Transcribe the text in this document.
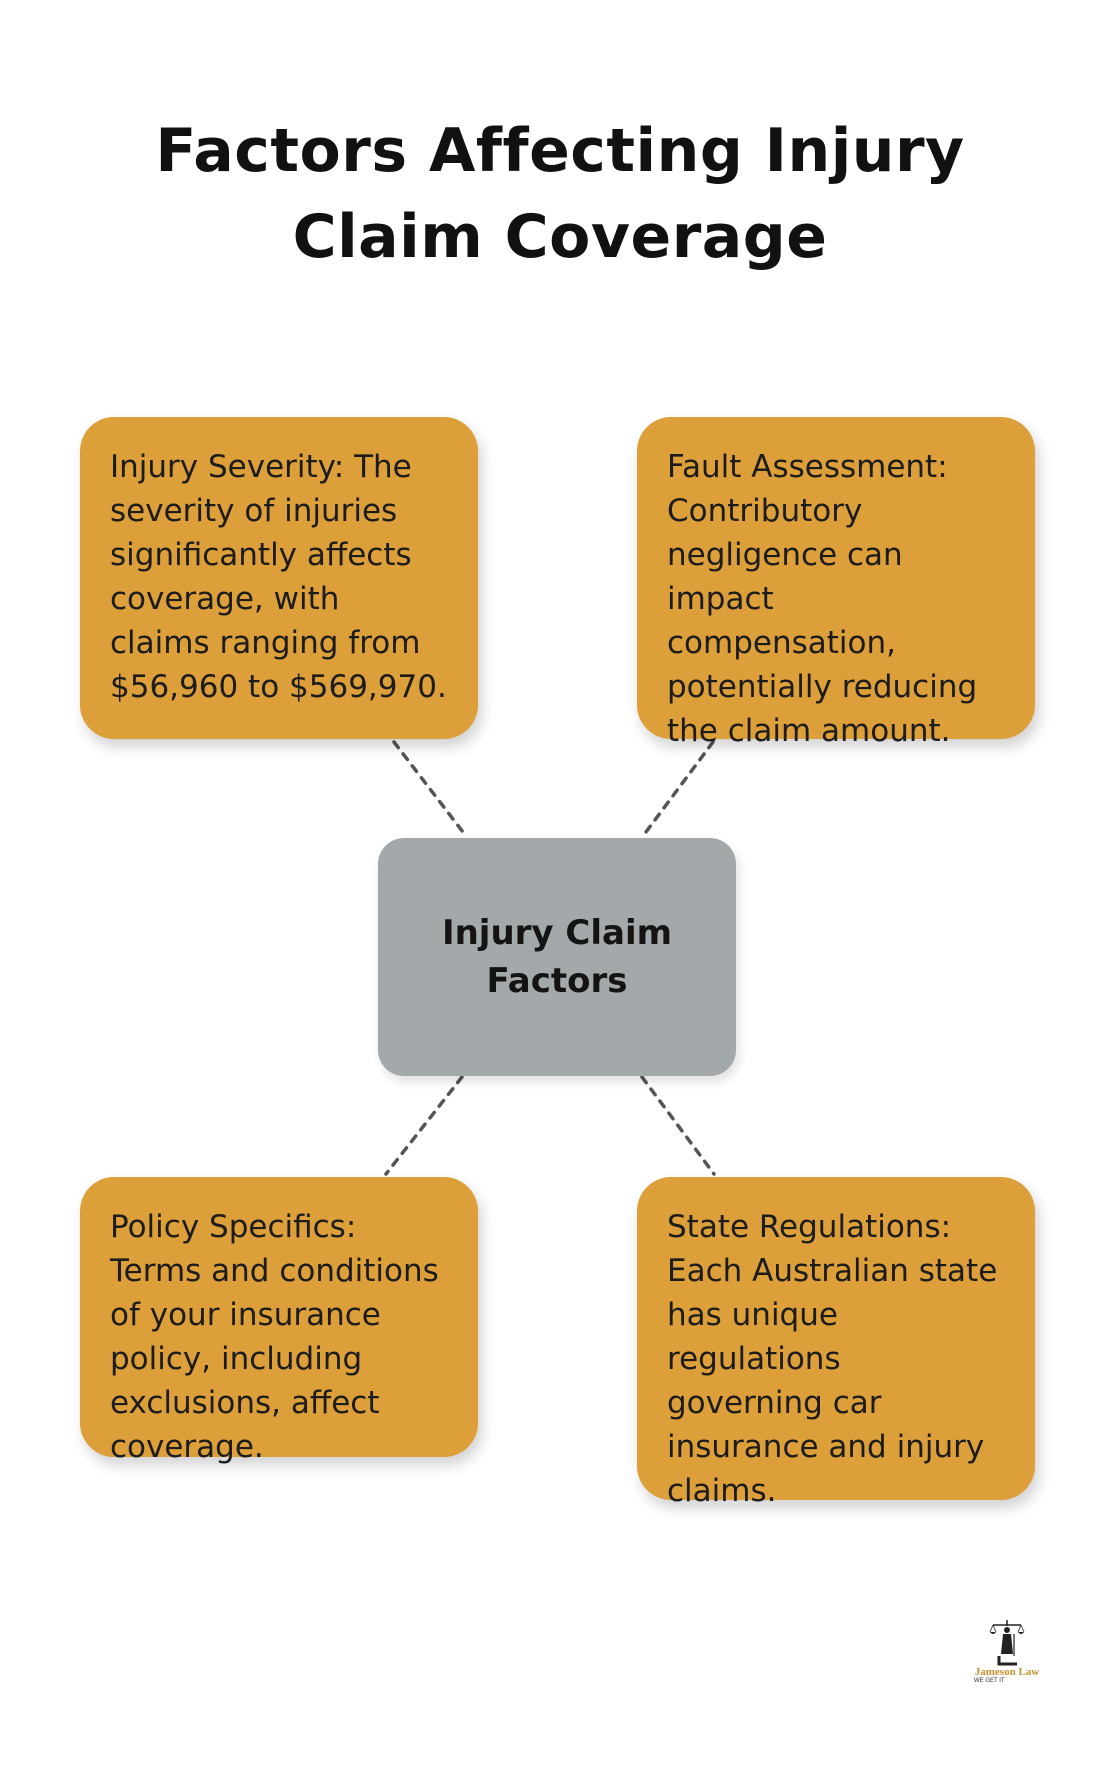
Factors Affecting Injury Claim Coverage
Injury Severity: The severity of injuries significantly affects coverage, with claims ranging from $56,960 to $569,970.
Fault Assessment: Contributory negligence can impact compensation, potentially reducing the claim amount.
Policy Specifics: Terms and conditions of your insurance policy, including exclusions, affect coverage.
State Regulations: Each Australian state has unique regulations governing car insurance and injury claims.
Injury Claim Factors
Jameson Law
WE GET IT
